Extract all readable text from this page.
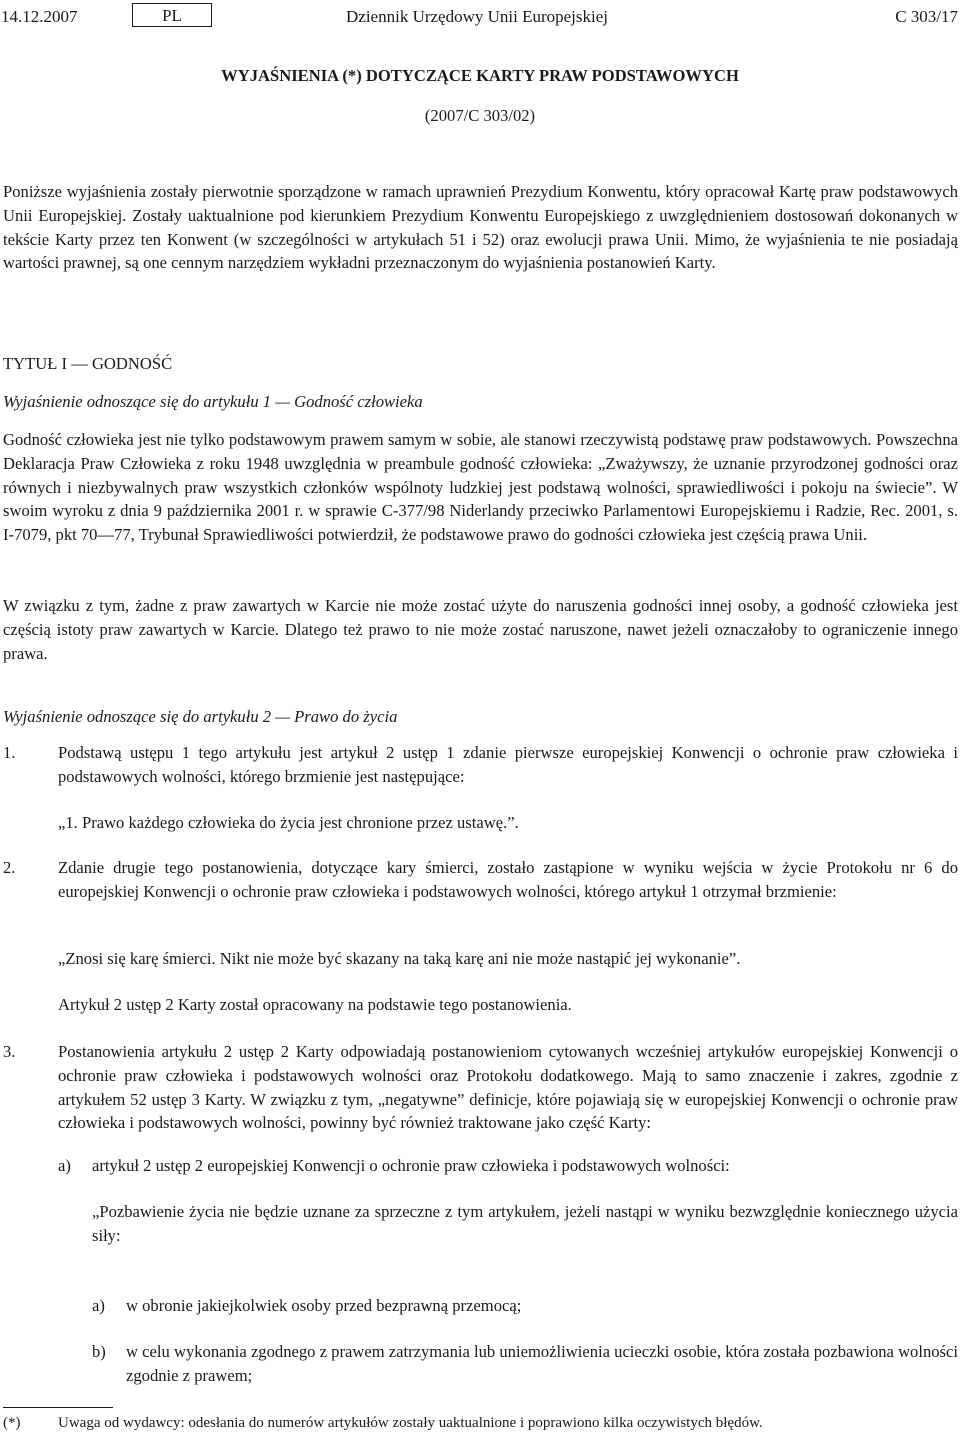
14.12.2007	PL	Dziennik Urzędowy Unii Europejskiej	C 303/17
WYJAŚNIENIA (*) DOTYCZĄCE KARTY PRAW PODSTAWOWYCH
(2007/C 303/02)

Poniższe wyjaśnienia zostały pierwotnie sporządzone w ramach uprawnień Prezydium Konwentu, który opracował Kartę praw podstawowych Unii Europejskiej. Zostały uaktualnione pod kierunkiem Prezydium Konwentu Europejskiego z uwzględnieniem dostosowań dokonanych w tekście Karty przez ten Konwent (w szczególności w artykułach 51 i 52) oraz ewolucji prawa Unii. Mimo, że wyjaśnienia te nie posiadają wartości prawnej, są one cennym narzędziem wykładni przeznaczonym do wyjaśnienia postanowień Karty.

TYTUŁ I — GODNOŚĆ

Wyjaśnienie odnoszące się do artykułu 1 — Godność człowieka

Godność człowieka jest nie tylko podstawowym prawem samym w sobie, ale stanowi rzeczywistą podstawę praw podstawowych. Powszechna Deklaracja Praw Człowieka z roku 1948 uwzględnia w preambule godność człowieka: „Zważywszy, że uznanie przyrodzonej godności oraz równych i niezbywalnych praw wszystkich członków wspólnoty ludzkiej jest podstawą wolności, sprawiedliwości i pokoju na świecie”. W swoim wyroku z dnia 9 października 2001 r. w sprawie C-377/98 Niderlandy przeciwko Parlamentowi Europejskiemu i Radzie, Rec. 2001, s. I-7079, pkt 70—77, Trybunał Sprawiedliwości potwierdził, że podstawowe prawo do godności człowieka jest częścią prawa Unii.

W związku z tym, żadne z praw zawartych w Karcie nie może zostać użyte do naruszenia godności innej osoby, a godność człowieka jest częścią istoty praw zawartych w Karcie. Dlatego też prawo to nie może zostać naruszone, nawet jeżeli oznaczałoby to ograniczenie innego prawa.

Wyjaśnienie odnoszące się do artykułu 2 — Prawo do życia

1.	Podstawą ustępu 1 tego artykułu jest artykuł 2 ustęp 1 zdanie pierwsze europejskiej Konwencji o ochronie praw człowieka i podstawowych wolności, którego brzmienie jest następujące:

„1. Prawo każdego człowieka do życia jest chronione przez ustawę.”.

2.	Zdanie drugie tego postanowienia, dotyczące kary śmierci, zostało zastąpione w wyniku wejścia w życie Protokołu nr 6 do europejskiej Konwencji o ochronie praw człowieka i podstawowych wolności, którego artykuł 1 otrzymał brzmienie:

„Znosi się karę śmierci. Nikt nie może być skazany na taką karę ani nie może nastąpić jej wykonanie”.

Artykuł 2 ustęp 2 Karty został opracowany na podstawie tego postanowienia.

3.	Postanowienia artykułu 2 ustęp 2 Karty odpowiadają postanowieniom cytowanych wcześniej artykułów europejskiej Konwencji o ochronie praw człowieka i podstawowych wolności oraz Protokołu dodatkowego. Mają to samo znaczenie i zakres, zgodnie z artykułem 52 ustęp 3 Karty. W związku z tym, „negatywne” definicje, które pojawiają się w europejskiej Konwencji o ochronie praw człowieka i podstawowych wolności, powinny być również traktowane jako część Karty:

a) artykuł 2 ustęp 2 europejskiej Konwencji o ochronie praw człowieka i podstawowych wolności:

„Pozbawienie życia nie będzie uznane za sprzeczne z tym artykułem, jeżeli nastąpi w wyniku bezwzględnie koniecznego użycia siły:

a) w obronie jakiejkolwiek osoby przed bezprawną przemocą;

b) w celu wykonania zgodnego z prawem zatrzymania lub uniemożliwienia ucieczki osobie, która została pozbawiona wolności zgodnie z prawem;

(*)	Uwaga od wydawcy: odesłania do numerów artykułów zostały uaktualnione i poprawiono kilka oczywistych błędów.
